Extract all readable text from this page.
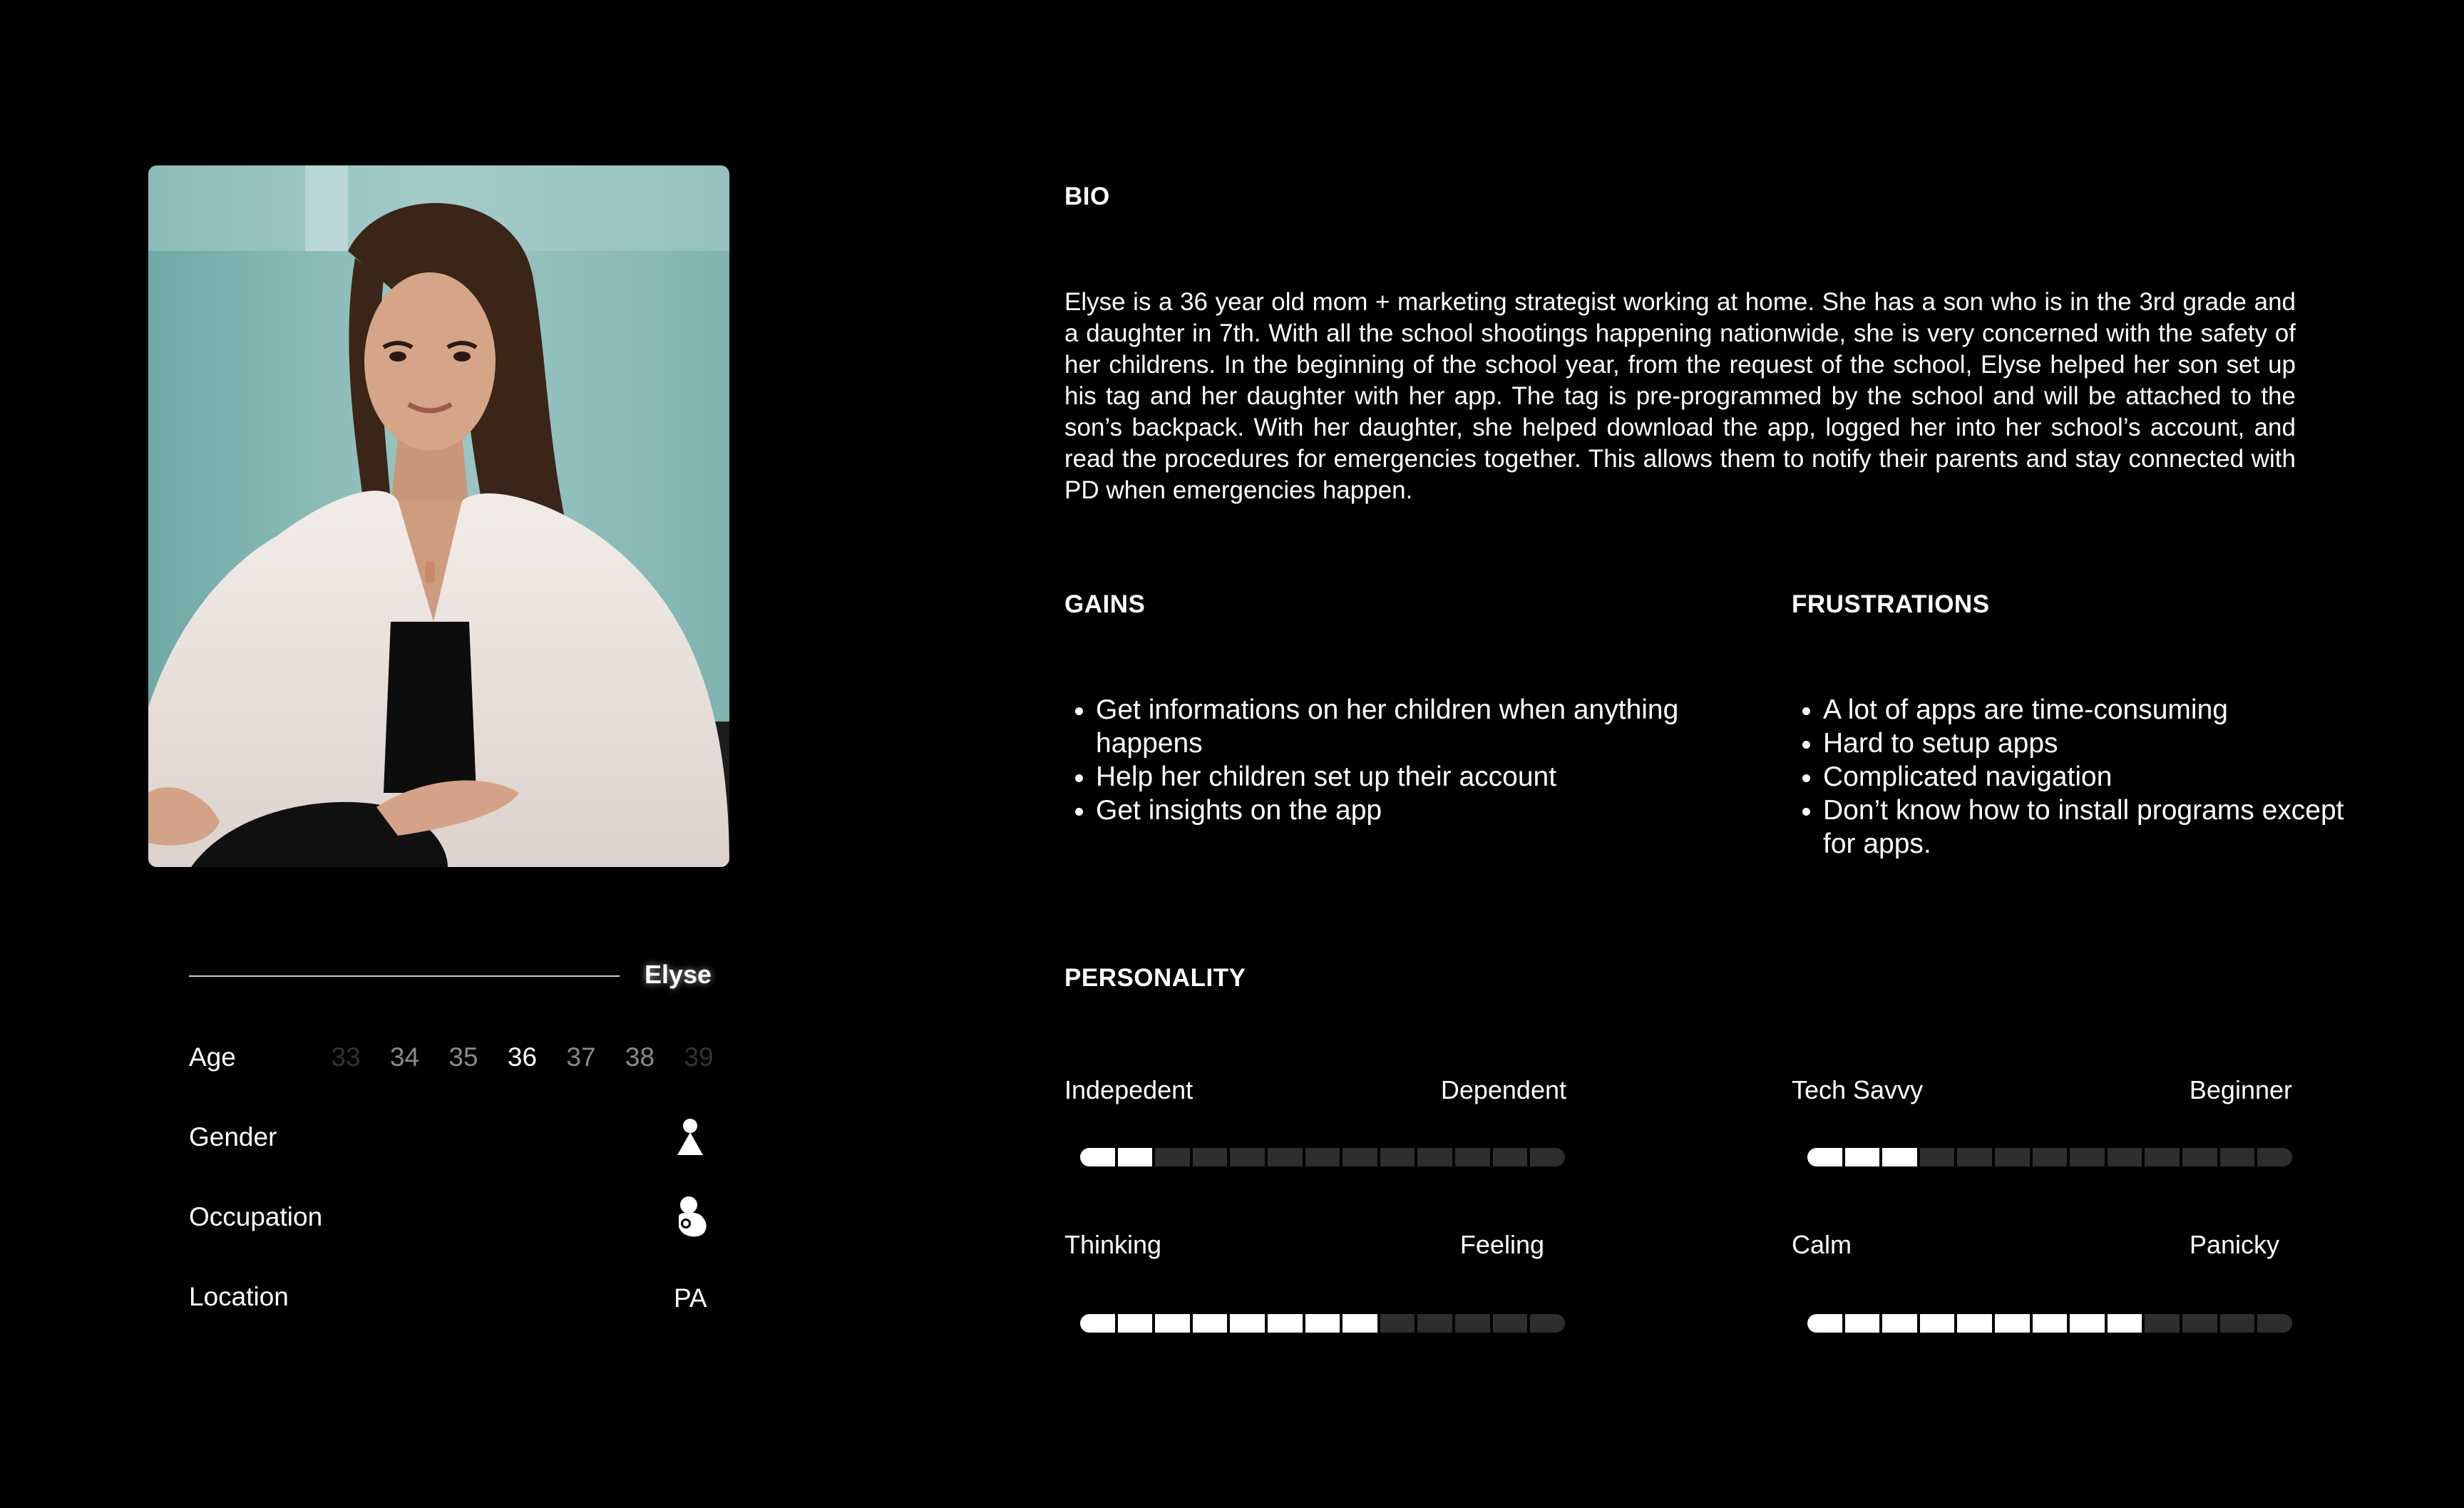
Elyse
Age	33 34 35 36 37 38 39
Gender
Occupation
Location	PA
BIO
Elyse is a 36 year old mom + marketing strategist working at home. She has a son who is in the 3rd grade and a daughter in 7th. With all the school shootings happening nationwide, she is very concerned with the safety of her childrens. In the beginning of the school year, from the request of the school, Elyse helped her son set up his tag and her daughter with her app. The tag is pre-programmed by the school and will be attached to the son’s backpack. With her daughter, she helped download the app, logged her into her school’s account, and read the procedures for emergencies together. This allows them to notify their parents and stay connected with PD when emergencies happen.
GAINS
• Get informations on her children when anything happens
• Help her children set up their account
• Get insights on the app
FRUSTRATIONS
• A lot of apps are time-consuming
• Hard to setup apps
• Complicated navigation
• Don’t know how to install programs except for apps.
PERSONALITY
Indepedent	Dependent	Tech Savvy	Beginner
Thinking	Feeling	Calm	Panicky
